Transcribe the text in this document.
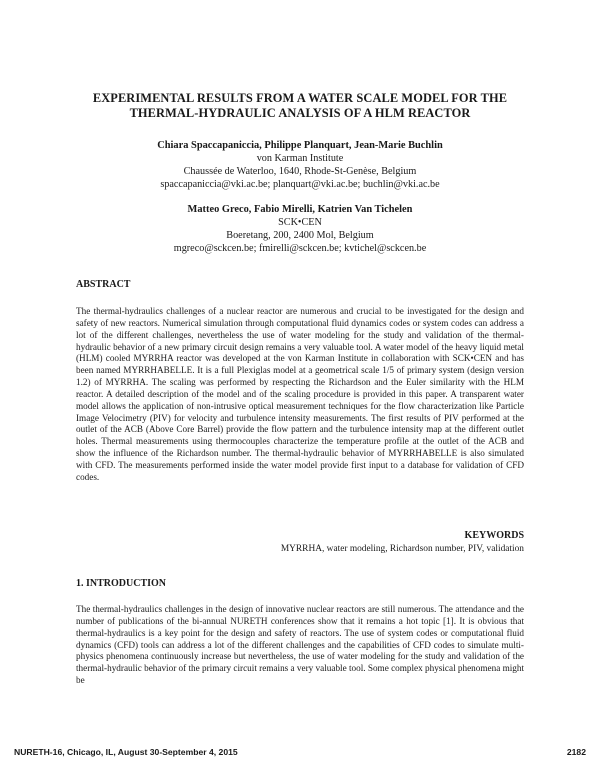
EXPERIMENTAL RESULTS FROM A WATER SCALE MODEL FOR THE
THERMAL-HYDRAULIC ANALYSIS OF A HLM REACTOR
Chiara Spaccapaniccia, Philippe Planquart, Jean-Marie Buchlin
von Karman Institute
Chaussée de Waterloo, 1640, Rhode-St-Genèse, Belgium
spaccapaniccia@vki.ac.be; planquart@vki.ac.be; buchlin@vki.ac.be
Matteo Greco, Fabio Mirelli, Katrien Van Tichelen
SCK•CEN
Boeretang, 200, 2400 Mol, Belgium
mgreco@sckcen.be; fmirelli@sckcen.be; kvtichel@sckcen.be
ABSTRACT
The thermal-hydraulics challenges of a nuclear reactor are numerous and crucial to be investigated for the design and safety of new reactors. Numerical simulation through computational fluid dynamics codes or system codes can address a lot of the different challenges, nevertheless the use of water modeling for the study and validation of the thermal-hydraulic behavior of a new primary circuit design remains a very valuable tool. A water model of the heavy liquid metal (HLM) cooled MYRRHA reactor was developed at the von Karman Institute in collaboration with SCK•CEN and has been named MYRRHABELLE. It is a full Plexiglas model at a geometrical scale 1/5 of primary system (design version 1.2) of MYRRHA. The scaling was performed by respecting the Richardson and the Euler similarity with the HLM reactor. A detailed description of the model and of the scaling procedure is provided in this paper. A transparent water model allows the application of non-intrusive optical measurement techniques for the flow characterization like Particle Image Velocimetry (PIV) for velocity and turbulence intensity measurements. The first results of PIV performed at the outlet of the ACB (Above Core Barrel) provide the flow pattern and the turbulence intensity map at the different outlet holes. Thermal measurements using thermocouples characterize the temperature profile at the outlet of the ACB and show the influence of the Richardson number. The thermal-hydraulic behavior of MYRRHABELLE is also simulated with CFD. The measurements performed inside the water model provide first input to a database for validation of CFD codes.
KEYWORDS
MYRRHA, water modeling, Richardson number, PIV, validation
1. INTRODUCTION
The thermal-hydraulics challenges in the design of innovative nuclear reactors are still numerous. The attendance and the number of publications of the bi-annual NURETH conferences show that it remains a hot topic [1]. It is obvious that thermal-hydraulics is a key point for the design and safety of reactors. The use of system codes or computational fluid dynamics (CFD) tools can address a lot of the different challenges and the capabilities of CFD codes to simulate multi-physics phenomena continuously increase but nevertheless, the use of water modeling for the study and validation of the thermal-hydraulic behavior of the primary circuit remains a very valuable tool. Some complex physical phenomena might be
NURETH-16, Chicago, IL, August 30-September 4, 2015	2182
